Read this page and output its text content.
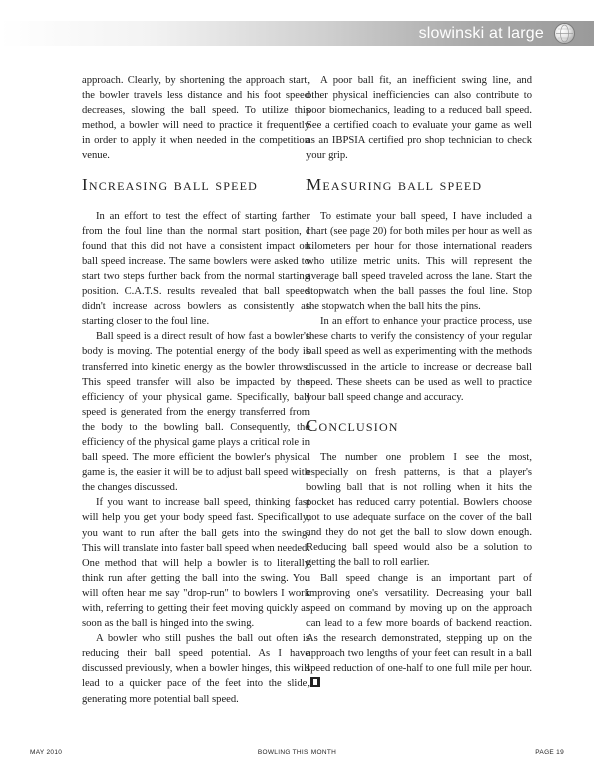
slowinski at large

approach. Clearly, by shortening the approach start, the bowler travels less distance and his foot speed decreases, slowing the ball speed. To utilize this method, a bowler will need to practice it frequently in order to apply it when needed in the competition venue.

Increasing ball speed

In an effort to test the effect of starting farther from the foul line than the normal start position, I found that this did not have a consistent impact on ball speed increase. The same bowlers were asked to start two steps further back from the normal starting position. C.A.T.S. results revealed that ball speed didn't increase across bowlers as consistently as starting closer to the foul line.

Ball speed is a direct result of how fast a bowler's body is moving. The potential energy of the body is transferred into kinetic energy as the bowler throws. This speed transfer will also be impacted by the efficiency of your physical game. Specifically, ball speed is generated from the energy transferred from the body to the bowling ball. Consequently, the efficiency of the physical game plays a critical role in ball speed. The more efficient the bowler's physical game is, the easier it will be to adjust ball speed with the changes discussed.

If you want to increase ball speed, thinking fast will help you get your body speed fast. Specifically, you want to run after the ball gets into the swing. This will translate into faster ball speed when needed. One method that will help a bowler is to literally think run after getting the ball into the swing. You will often hear me say "drop-run" to bowlers I work with, referring to getting their feet moving quickly as soon as the ball is hinged into the swing.

A bowler who still pushes the ball out often is reducing their ball speed potential. As I have discussed previously, when a bowler hinges, this will lead to a quicker pace of the feet into the slide, generating more potential ball speed.

A poor ball fit, an inefficient swing line, and other physical inefficiencies can also contribute to poor biomechanics, leading to a reduced ball speed. See a certified coach to evaluate your game as well as an IBPSIA certified pro shop technician to check your grip.

Measuring ball speed

To estimate your ball speed, I have included a chart (see page 20) for both miles per hour as well as kilometers per hour for those international readers who utilize metric units. This will represent the average ball speed traveled across the lane. Start the stopwatch when the ball passes the foul line. Stop the stopwatch when the ball hits the pins.

In an effort to enhance your practice process, use these charts to verify the consistency of your regular ball speed as well as experimenting with the methods discussed in the article to increase or decrease ball speed. These sheets can be used as well to practice your ball speed change and accuracy.

Conclusion

The number one problem I see the most, especially on fresh patterns, is that a player's bowling ball that is not rolling when it hits the pocket has reduced carry potential. Bowlers choose not to use adequate surface on the cover of the ball and they do not get the ball to slow down enough. Reducing ball speed would also be a solution to getting the ball to roll earlier.

Ball speed change is an important part of improving one's versatility. Decreasing your ball speed on command by moving up on the approach can lead to a few more boards of backend reaction. As the research demonstrated, stepping up on the approach two lengths of your feet can result in a ball speed reduction of one-half to one full mile per hour.

MAY 2010	BOWLING THIS MONTH	PAGE 19
